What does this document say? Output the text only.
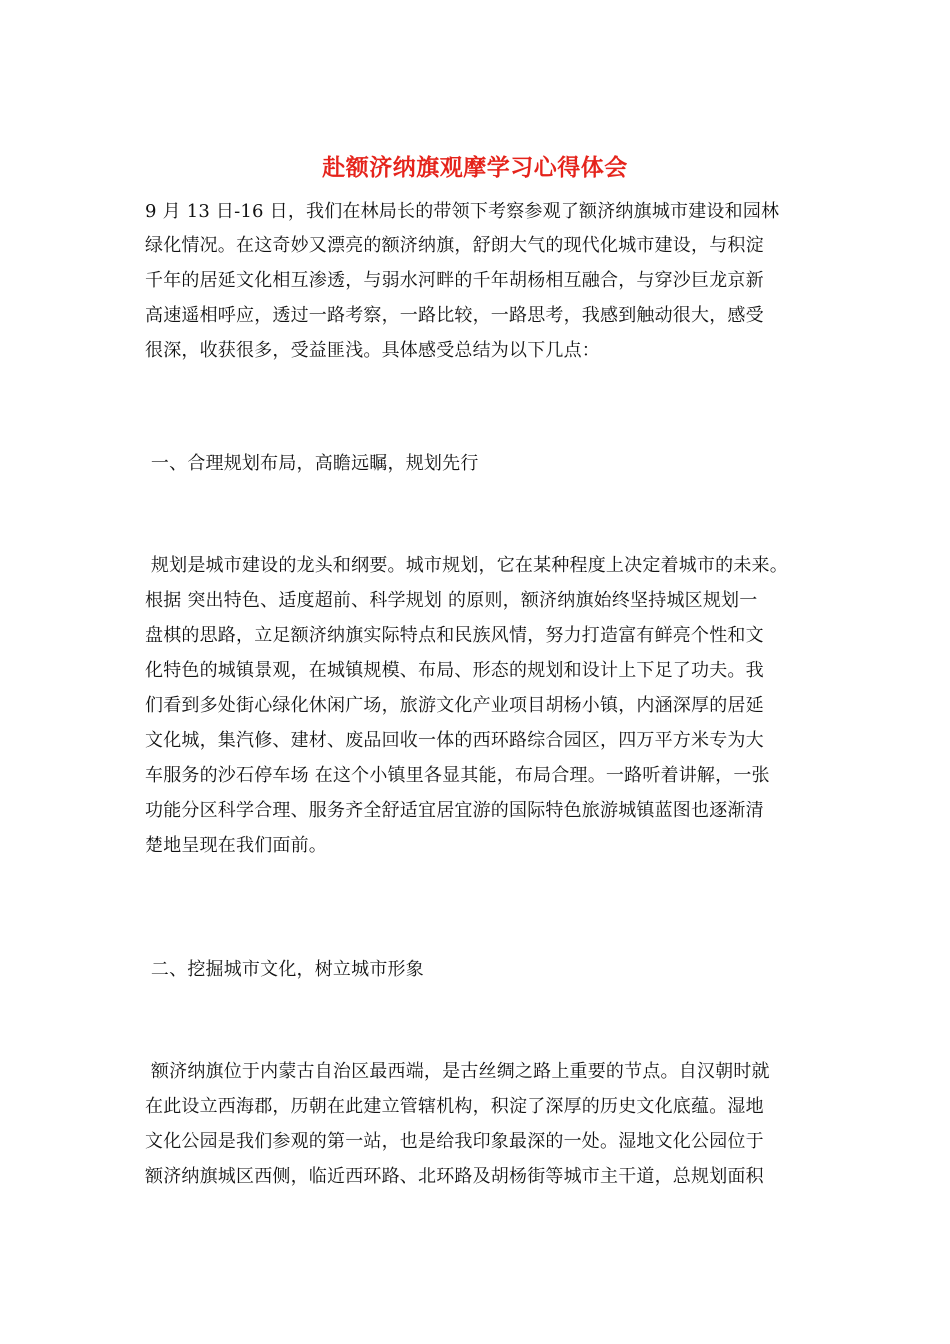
赴额济纳旗观摩学习心得体会
9 月 13 日-16 日，我们在林局长的带领下考察参观了额济纳旗城市建设和园林
绿化情况。在这奇妙又漂亮的额济纳旗，舒朗大气的现代化城市建设，与积淀
千年的居延文化相互渗透，与弱水河畔的千年胡杨相互融合，与穿沙巨龙京新
高速遥相呼应，透过一路考察，一路比较，一路思考，我感到触动很大，感受
很深，收获很多，受益匪浅。具体感受总结为以下几点：
一、合理规划布局，高瞻远瞩，规划先行
规划是城市建设的龙头和纲要。城市规划，它在某种程度上决定着城市的未来。
根据 突出特色、适度超前、科学规划 的原则，额济纳旗始终坚持城区规划一
盘棋的思路，立足额济纳旗实际特点和民族风情，努力打造富有鲜亮个性和文
化特色的城镇景观，在城镇规模、布局、形态的规划和设计上下足了功夫。我
们看到多处街心绿化休闲广场，旅游文化产业项目胡杨小镇，内涵深厚的居延
文化城，集汽修、建材、废品回收一体的西环路综合园区，四万平方米专为大
车服务的沙石停车场 在这个小镇里各显其能，布局合理。一路听着讲解，一张
功能分区科学合理、服务齐全舒适宜居宜游的国际特色旅游城镇蓝图也逐渐清
楚地呈现在我们面前。
二、挖掘城市文化，树立城市形象
额济纳旗位于内蒙古自治区最西端，是古丝绸之路上重要的节点。自汉朝时就
在此设立西海郡，历朝在此建立管辖机构，积淀了深厚的历史文化底蕴。湿地
文化公园是我们参观的第一站，也是给我印象最深的一处。湿地文化公园位于
额济纳旗城区西侧，临近西环路、北环路及胡杨街等城市主干道，总规划面积
